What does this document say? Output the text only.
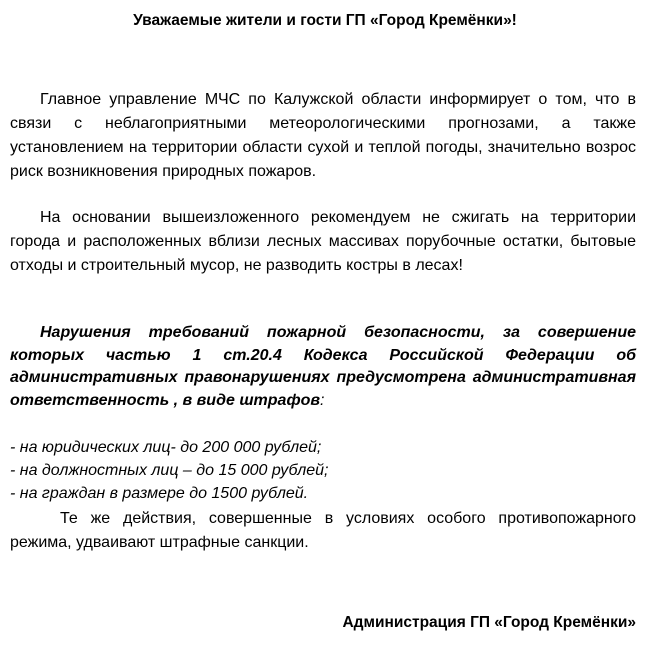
Уважаемые жители и гости ГП «Город Кремёнки»!

Главное управление МЧС по Калужской области информирует о том, что в связи с неблагоприятными метеорологическими прогнозами, а также установлением на территории области сухой и теплой погоды, значительно возрос риск возникновения природных пожаров.

На основании вышеизложенного рекомендуем не сжигать на территории города и расположенных вблизи лесных массивах порубочные остатки, бытовые отходы и строительный мусор, не разводить костры в лесах!

Нарушения требований пожарной безопасности, за совершение которых частью 1 ст.20.4 Кодекса Российской Федерации об административных правонарушениях предусмотрена административная ответственность , в виде штрафов:

- на юридических лиц- до 200 000 рублей;
- на должностных лиц – до 15 000 рублей;
- на граждан в размере до 1500 рублей.

Те же действия, совершенные в условиях особого противопожарного режима, удваивают штрафные санкции.

Администрация ГП «Город Кремёнки»
